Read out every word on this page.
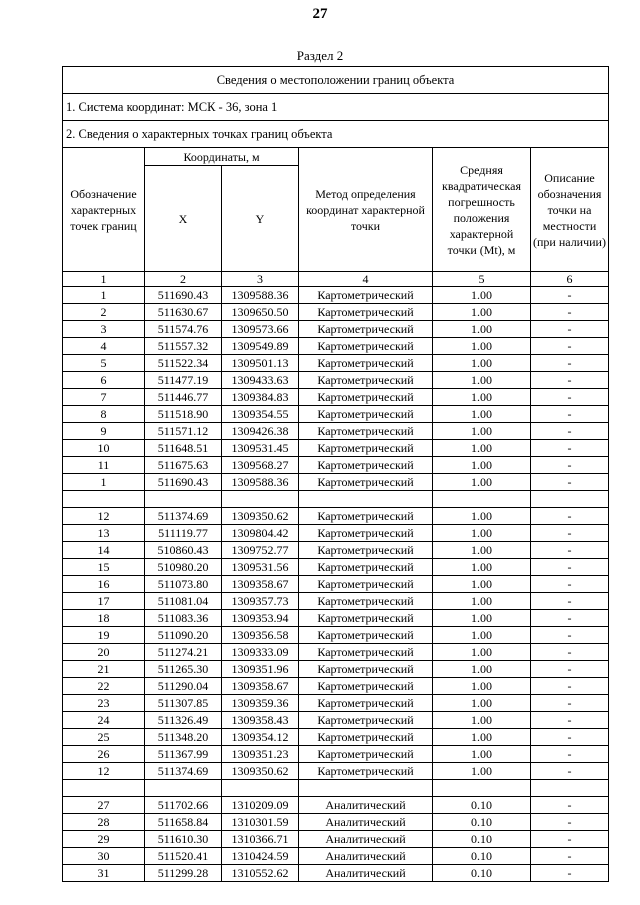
27
Раздел 2
Сведения о местоположении границ объекта					
1. Система координат: МСК - 36, зона 1					
2. Сведения о характерных точках границ объекта					
Обозначение характерных точек границ	Координаты, м		Метод определения координат характерной точки	Средняя квадратическая погрешность положения характерной точки (Mt), м	Описание обозначения точки на местности (при наличии)
	X	Y			
1	2	3	4	5	6
1	511690.43	1309588.36	Картометрический	1.00	-
2	511630.67	1309650.50	Картометрический	1.00	-
3	511574.76	1309573.66	Картометрический	1.00	-
4	511557.32	1309549.89	Картометрический	1.00	-
5	511522.34	1309501.13	Картометрический	1.00	-
6	511477.19	1309433.63	Картометрический	1.00	-
7	511446.77	1309384.83	Картометрический	1.00	-
8	511518.90	1309354.55	Картометрический	1.00	-
9	511571.12	1309426.38	Картометрический	1.00	-
10	511648.51	1309531.45	Картометрический	1.00	-
11	511675.63	1309568.27	Картометрический	1.00	-
1	511690.43	1309588.36	Картометрический	1.00	-

12	511374.69	1309350.62	Картометрический	1.00	-
13	511119.77	1309804.42	Картометрический	1.00	-
14	510860.43	1309752.77	Картометрический	1.00	-
15	510980.20	1309531.56	Картометрический	1.00	-
16	511073.80	1309358.67	Картометрический	1.00	-
17	511081.04	1309357.73	Картометрический	1.00	-
18	511083.36	1309353.94	Картометрический	1.00	-
19	511090.20	1309356.58	Картометрический	1.00	-
20	511274.21	1309333.09	Картометрический	1.00	-
21	511265.30	1309351.96	Картометрический	1.00	-
22	511290.04	1309358.67	Картометрический	1.00	-
23	511307.85	1309359.36	Картометрический	1.00	-
24	511326.49	1309358.43	Картометрический	1.00	-
25	511348.20	1309354.12	Картометрический	1.00	-
26	511367.99	1309351.23	Картометрический	1.00	-
12	511374.69	1309350.62	Картометрический	1.00	-

27	511702.66	1310209.09	Аналитический	0.10	-
28	511658.84	1310301.59	Аналитический	0.10	-
29	511610.30	1310366.71	Аналитический	0.10	-
30	511520.41	1310424.59	Аналитический	0.10	-
31	511299.28	1310552.62	Аналитический	0.10	-
